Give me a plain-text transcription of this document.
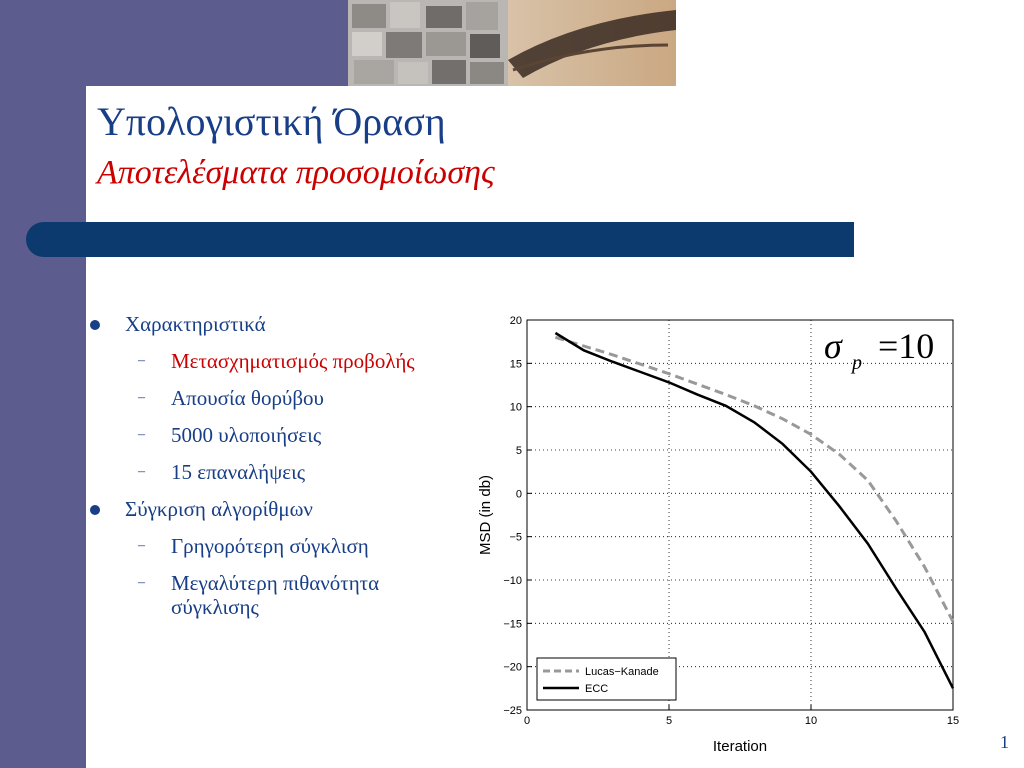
Υπολογιστική Όραση
Αποτελέσματα προσομοίωσης
Χαρακτηριστικά
– Μετασχηματισμός προβολής
– Απουσία θορύβου
– 5000 υλοποιήσεις
– 15 επαναλήψεις
Σύγκριση αλγορίθμων
– Γρηγορότερη σύγκλιση
– Μεγαλύτερη πιθανότητα σύγκλισης
0	5	10	15
20
15
10
5
0
−5
−10
−15
−20
−25
Iteration
MSD (in db)
Lucas−Kanade
ECC
σ p =10
1
